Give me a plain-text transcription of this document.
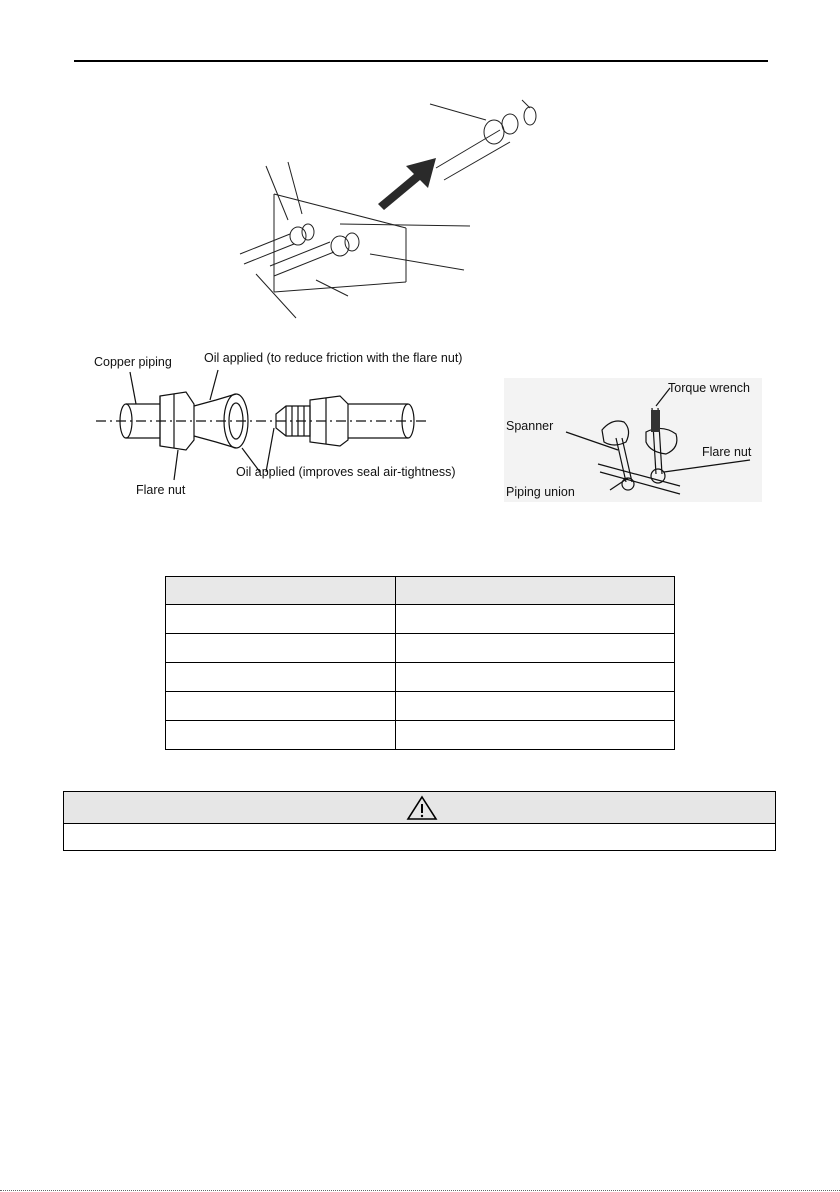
Copper piping	Oil applied (to reduce friction with the flare nut)
Flare nut
Oil applied (improves seal air-tightness)
Torque wrench
Spanner
Flare nut
Piping union
